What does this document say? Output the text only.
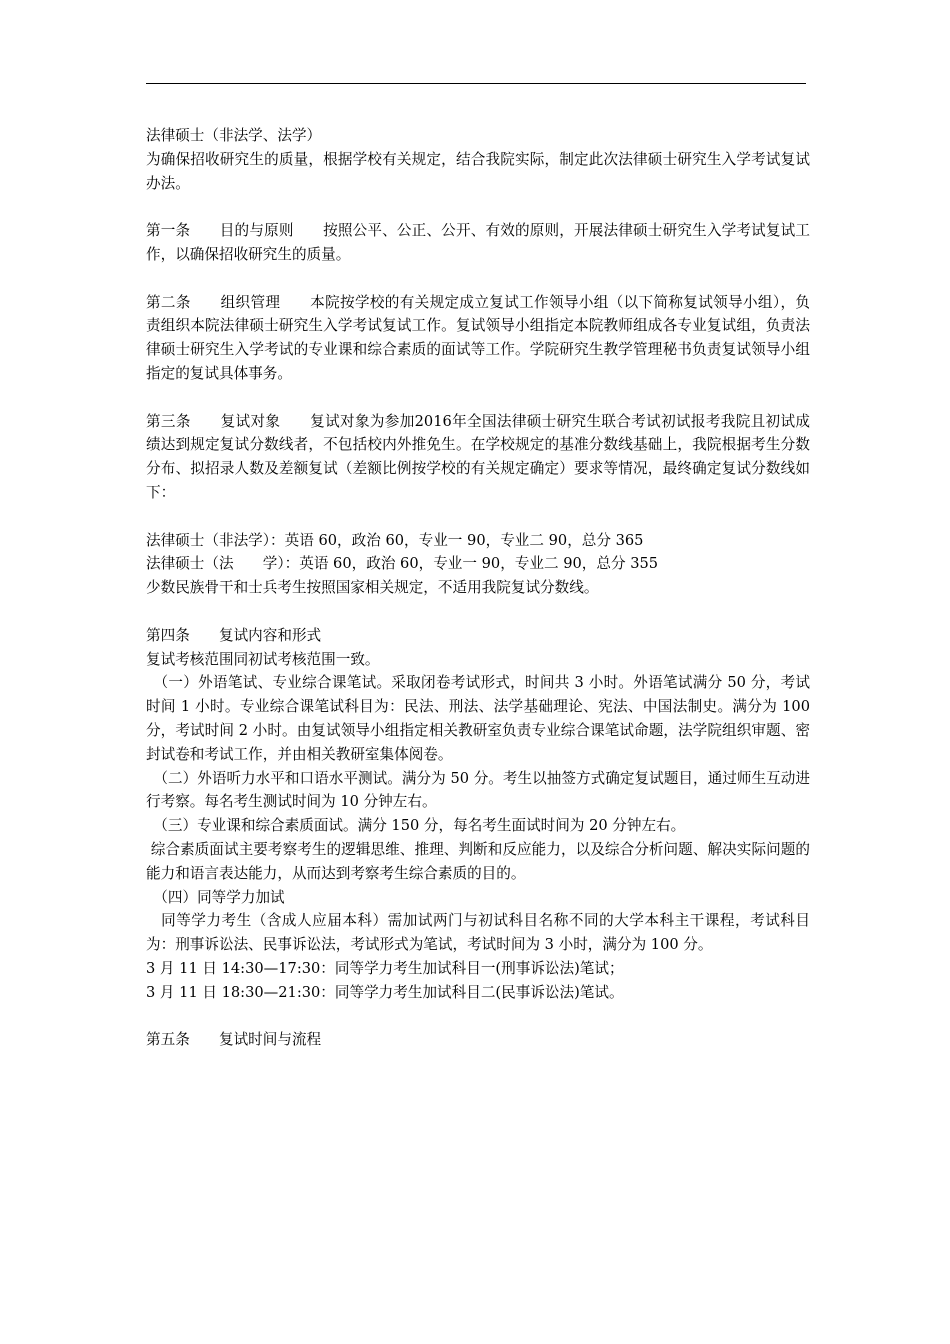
法律硕士（非法学、法学）

为确保招收研究生的质量，根据学校有关规定，结合我院实际，制定此次法律硕士研究生入学考试复试办法。

第一条　　目的与原则　　按照公平、公正、公开、有效的原则，开展法律硕士研究生入学考试复试工作，以确保招收研究生的质量。

第二条　　组织管理　　本院按学校的有关规定成立复试工作领导小组（以下简称复试领导小组），负责组织本院法律硕士研究生入学考试复试工作。复试领导小组指定本院教师组成各专业复试组，负责法律硕士研究生入学考试的专业课和综合素质的面试等工作。学院研究生教学管理秘书负责复试领导小组指定的复试具体事务。

第三条　　复试对象　　复试对象为参加2016年全国法律硕士研究生联合考试初试报考我院且初试成绩达到规定复试分数线者，不包括校内外推免生。在学校规定的基准分数线基础上，我院根据考生分数分布、拟招录人数及差额复试（差额比例按学校的有关规定确定）要求等情况，最终确定复试分数线如下：

法律硕士（非法学）：英语 60，政治 60，专业一 90，专业二 90，总分 365

法律硕士（法　　学）：英语 60，政治 60，专业一 90，专业二 90，总分 355

少数民族骨干和士兵考生按照国家相关规定，不适用我院复试分数线。

第四条　　复试内容和形式

复试考核范围同初试考核范围一致。

　（一）外语笔试、专业综合课笔试。采取闭卷考试形式，时间共 3 小时。外语笔试满分 50 分，考试时间 1 小时。专业综合课笔试科目为：民法、刑法、法学基础理论、宪法、中国法制史。满分为 100 分，考试时间 2 小时。由复试领导小组指定相关教研室负责专业综合课笔试命题，法学院组织审题、密封试卷和考试工作，并由相关教研室集体阅卷。

　（二）外语听力水平和口语水平测试。满分为 50 分。考生以抽签方式确定复试题目，通过师生互动进行考察。每名考生测试时间为 10 分钟左右。

　（三）专业课和综合素质面试。满分 150 分，每名考生面试时间为 20 分钟左右。

综合素质面试主要考察考生的逻辑思维、推理、判断和反应能力，以及综合分析问题、解决实际问题的能力和语言表达能力，从而达到考察考生综合素质的目的。

　（四）同等学力加试

　同等学力考生（含成人应届本科）需加试两门与初试科目名称不同的大学本科主干课程，考试科目为：刑事诉讼法、民事诉讼法，考试形式为笔试，考试时间为 3 小时，满分为 100 分。

3 月 11 日 14:30—17:30：同等学力考生加试科目一(刑事诉讼法)笔试；

3 月 11 日 18:30—21:30：同等学力考生加试科目二(民事诉讼法)笔试。

第五条　　复试时间与流程
